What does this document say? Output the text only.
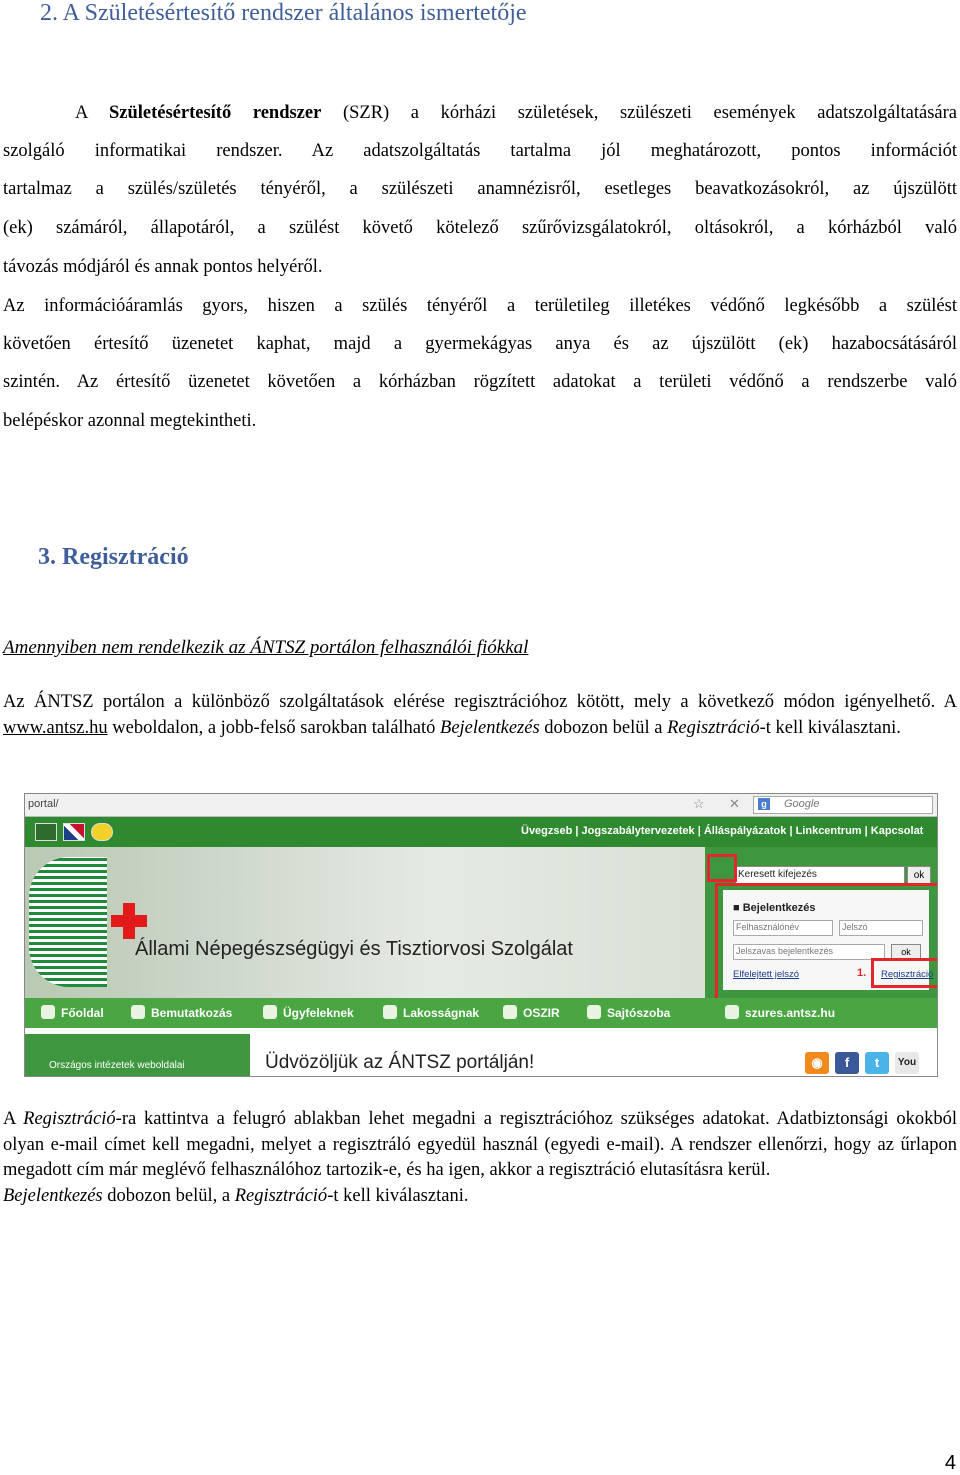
2. A Születésértesítő rendszer általános ismertetője

A Születésértesítő rendszer (SZR) a kórházi születések, szülészeti események adatszolgáltatására

szolgáló informatikai rendszer. Az adatszolgáltatás tartalma jól meghatározott, pontos információt

tartalmaz a szülés/születés tényéről, a szülészeti anamnézisről, esetleges beavatkozásokról, az újszülött

(ek) számáról, állapotáról, a szülést követő kötelező szűrővizsgálatokról, oltásokról, a kórházból való

távozás módjáról és annak pontos helyéről.

Az információáramlás gyors, hiszen a szülés tényéről a területileg illetékes védőnő legkésőbb a szülést

követően értesítő üzenetet kaphat, majd a gyermekágyas anya és az újszülött (ek) hazabocsátásáról

szintén. Az értesítő üzenetet követően a kórházban rögzített adatokat a területi védőnő a rendszerbe való

belépéskor azonnal megtekintheti.

3. Regisztráció
Amennyiben nem rendelkezik az ÁNTSZ portálon felhasználói fiókkal

Az ÁNTSZ portálon a különböző szolgáltatások elérése regisztrációhoz kötött, mely a következő módon igényelhető. A www.antsz.hu weboldalon, a jobb-felső sarokban található Bejelentkezés dobozon belül a Regisztráció-t kell kiválasztani.

portal/	☆ ✕	g Google
Üvegzseb | Jogszabálytervezetek | Álláspályázatok | Linkcentrum | Kapcsolat
Állami Népegészségügyi és Tisztiorvosi Szolgálat
Keresett kifejezés	ok
■ Bejelentkezés
Felhasználónév	Jelszó
Jelszavas bejelentkezés	ok
Elfelejtett jelszó	1. Regisztráció
Főoldal	Bemutatkozás	Ügyfeleknek	Lakosságnak	OSZIR	Sajtószoba	szures.antsz.hu
Országos intézetek weboldalai	Üdvözöljük az ÁNTSZ portálján!	◉	f	t	You

A Regisztráció-ra kattintva a felugró ablakban lehet megadni a regisztrációhoz szükséges adatokat. Adatbiztonsági okokból olyan e-mail címet kell megadni, melyet a regisztráló egyedül használ (egyedi e-mail). A rendszer ellenőrzi, hogy az űrlapon megadott cím már meglévő felhasználóhoz tartozik-e, és ha igen, akkor a regisztráció elutasításra kerül.
Bejelentkezés dobozon belül, a Regisztráció-t kell kiválasztani.

4
